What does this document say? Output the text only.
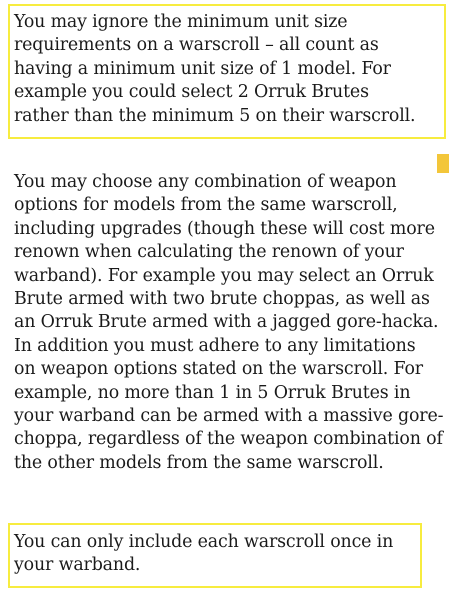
You may ignore the minimum unit size
requirements on a warscroll – all count as
having a minimum unit size of 1 model. For
example you could select 2 Orruk Brutes
rather than the minimum 5 on their warscroll.

You may choose any combination of weapon
options for models from the same warscroll,
including upgrades (though these will cost more
renown when calculating the renown of your
warband). For example you may select an Orruk
Brute armed with two brute choppas, as well as
an Orruk Brute armed with a jagged gore-hacka.
In addition you must adhere to any limitations
on weapon options stated on the warscroll. For
example, no more than 1 in 5 Orruk Brutes in
your warband can be armed with a massive gore-
choppa, regardless of the weapon combination of
the other models from the same warscroll.

You can only include each warscroll once in
your warband.
